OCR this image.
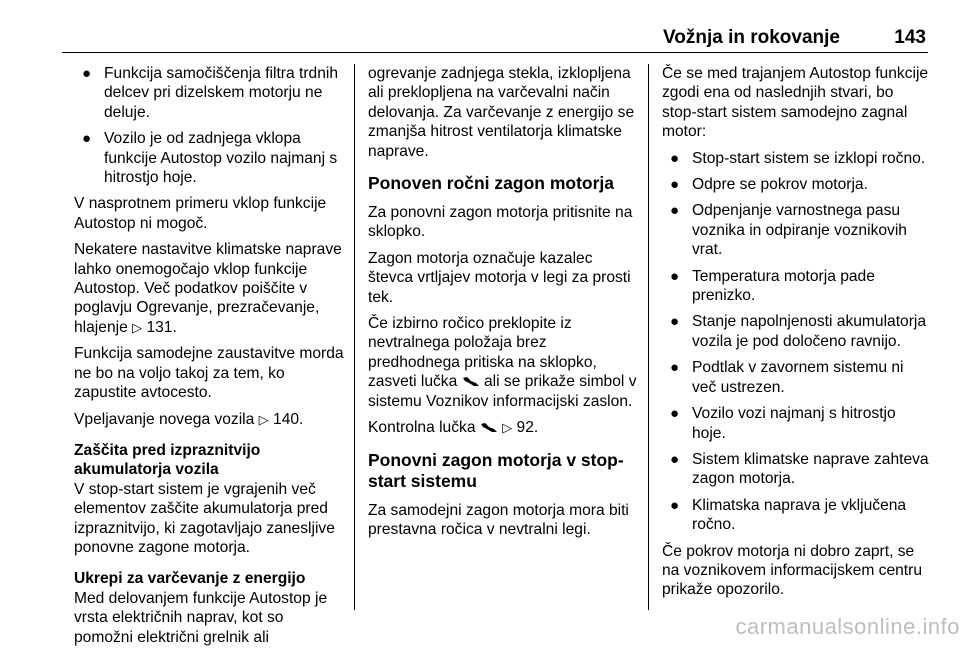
Vožnja in rokovanje	143
● Funkcija samočiščenja filtra trdnih delcev pri dizelskem motorju ne deluje.
● Vozilo je od zadnjega vklopa funkcije Autostop vozilo najmanj s hitrostjo hoje.

V nasprotnem primeru vklop funkcije Autostop ni mogoč.

Nekatere nastavitve klimatske naprave lahko onemogočajo vklop funkcije Autostop. Več podatkov poiščite v poglavju Ogrevanje, prezračevanje, hlajenje ▷ 131.

Funkcija samodejne zaustavitve morda ne bo na voljo takoj za tem, ko zapustite avtocesto.

Vpeljavanje novega vozila ▷ 140.

Zaščita pred izpraznitvijo akumulatorja vozila

V stop-start sistem je vgrajenih več elementov zaščite akumulatorja pred izpraznitvijo, ki zagotavljajo zanesljive ponovne zagone motorja.

Ukrepi za varčevanje z energijo

Med delovanjem funkcije Autostop je vrsta električnih naprav, kot so pomožni električni grelnik ali

ogrevanje zadnjega stekla, izklopljena ali preklopljena na varčevalni način delovanja. Za varčevanje z energijo se zmanjša hitrost ventilatorja klimatske naprave.

Ponoven ročni zagon motorja

Za ponovni zagon motorja pritisnite na sklopko.

Zagon motorja označuje kazalec števca vrtljajev motorja v legi za prosti tek.

Če izbirno ročico preklopite iz nevtralnega položaja brez predhodnega pritiska na sklopko, zasveti lučka ali se prikaže simbol v sistemu Voznikov informacijski zaslon.

Kontrolna lučka ▷ 92.

Ponovni zagon motorja v stop-start sistemu

Za samodejni zagon motorja mora biti prestavna ročica v nevtralni legi.

Če se med trajanjem Autostop funkcije zgodi ena od naslednjih stvari, bo stop-start sistem samodejno zagnal motor:

● Stop-start sistem se izklopi ročno.
● Odpre se pokrov motorja.
● Odpenjanje varnostnega pasu voznika in odpiranje voznikovih vrat.
● Temperatura motorja pade prenizko.
● Stanje napolnjenosti akumulatorja vozila je pod določeno ravnijo.
● Podtlak v zavornem sistemu ni več ustrezen.
● Vozilo vozi najmanj s hitrostjo hoje.
● Sistem klimatske naprave zahteva zagon motorja.
● Klimatska naprava je vključena ročno.

Če pokrov motorja ni dobro zaprt, se na voznikovem informacijskem centru prikaže opozorilo.

carmanualsonline.info
